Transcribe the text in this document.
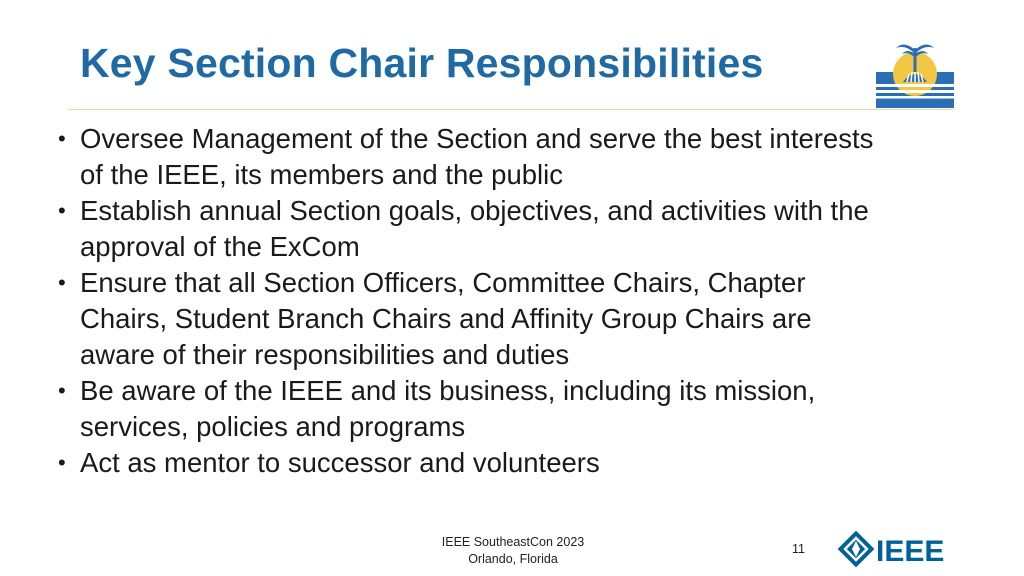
Key Section Chair Responsibilities
• Oversee Management of the Section and serve the best interests
of the IEEE, its members and the public
• Establish annual Section goals, objectives, and activities with the
approval of the ExCom
• Ensure that all Section Officers, Committee Chairs, Chapter
Chairs, Student Branch Chairs and Affinity Group Chairs are
aware of their responsibilities and duties
• Be aware of the IEEE and its business, including its mission,
services, policies and programs
• Act as mentor to successor and volunteers
IEEE SoutheastCon 2023
Orlando, Florida
11 IEEE
